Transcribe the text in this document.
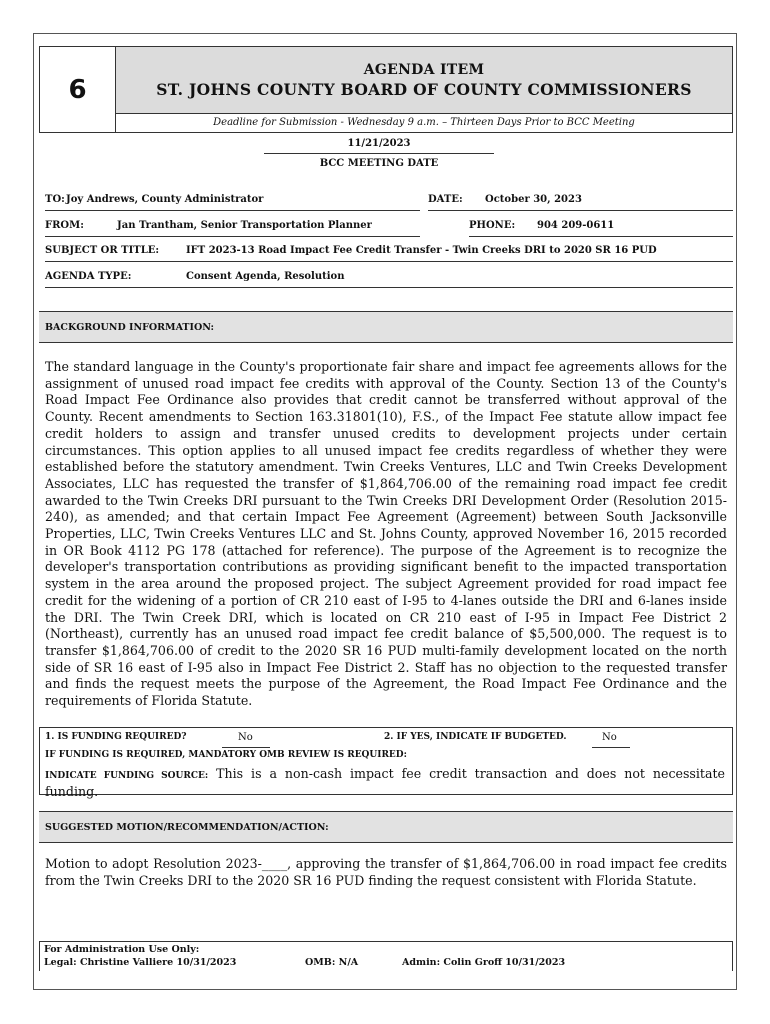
6
AGENDA ITEM
ST. JOHNS COUNTY BOARD OF COUNTY COMMISSIONERS
Deadline for Submission - Wednesday 9 a.m. – Thirteen Days Prior to BCC Meeting
11/21/2023
BCC MEETING DATE
TO: Joy Andrews, County Administrator	DATE: October 30, 2023
FROM:	Jan Trantham, Senior Transportation Planner	PHONE: 904 209-0611
SUBJECT OR TITLE:	IFT 2023-13 Road Impact Fee Credit Transfer - Twin Creeks DRI to 2020 SR 16 PUD
AGENDA TYPE:	Consent Agenda, Resolution
BACKGROUND INFORMATION:
The standard language in the County's proportionate fair share and impact fee agreements allows for the assignment of unused road impact fee credits with approval of the County. Section 13 of the County's Road Impact Fee Ordinance also provides that credit cannot be transferred without approval of the County. Recent amendments to Section 163.31801(10), F.S., of the Impact Fee statute allow impact fee credit holders to assign and transfer unused credits to development projects under certain circumstances. This option applies to all unused impact fee credits regardless of whether they were established before the statutory amendment. Twin Creeks Ventures, LLC and Twin Creeks Development Associates, LLC has requested the transfer of $1,864,706.00 of the remaining road impact fee credit awarded to the Twin Creeks DRI pursuant to the Twin Creeks DRI Development Order (Resolution 2015-240), as amended; and that certain Impact Fee Agreement (Agreement) between South Jacksonville Properties, LLC, Twin Creeks Ventures LLC and St. Johns County, approved November 16, 2015 recorded in OR Book 4112 PG 178 (attached for reference). The purpose of the Agreement is to recognize the developer's transportation contributions as providing significant benefit to the impacted transportation system in the area around the proposed project. The subject Agreement provided for road impact fee credit for the widening of a portion of CR 210 east of I-95 to 4-lanes outside the DRI and 6-lanes inside the DRI. The Twin Creek DRI, which is located on CR 210 east of I-95 in Impact Fee District 2 (Northeast), currently has an unused road impact fee credit balance of $5,500,000. The request is to transfer $1,864,706.00 of credit to the 2020 SR 16 PUD multi-family development located on the north side of SR 16 east of I-95 also in Impact Fee District 2. Staff has no objection to the requested transfer and finds the request meets the purpose of the Agreement, the Road Impact Fee Ordinance and the requirements of Florida Statute.
1. IS FUNDING REQUIRED?	No	2. IF YES, INDICATE IF BUDGETED.	No
IF FUNDING IS REQUIRED, MANDATORY OMB REVIEW IS REQUIRED:
INDICATE FUNDING SOURCE: This is a non-cash impact fee credit transaction and does not necessitate funding.
SUGGESTED MOTION/RECOMMENDATION/ACTION:
Motion to adopt Resolution 2023-____, approving the transfer of $1,864,706.00 in road impact fee credits from the Twin Creeks DRI to the 2020 SR 16 PUD finding the request consistent with Florida Statute.
For Administration Use Only:
Legal: Christine Valliere 10/31/2023	OMB: N/A	Admin: Colin Groff 10/31/2023
